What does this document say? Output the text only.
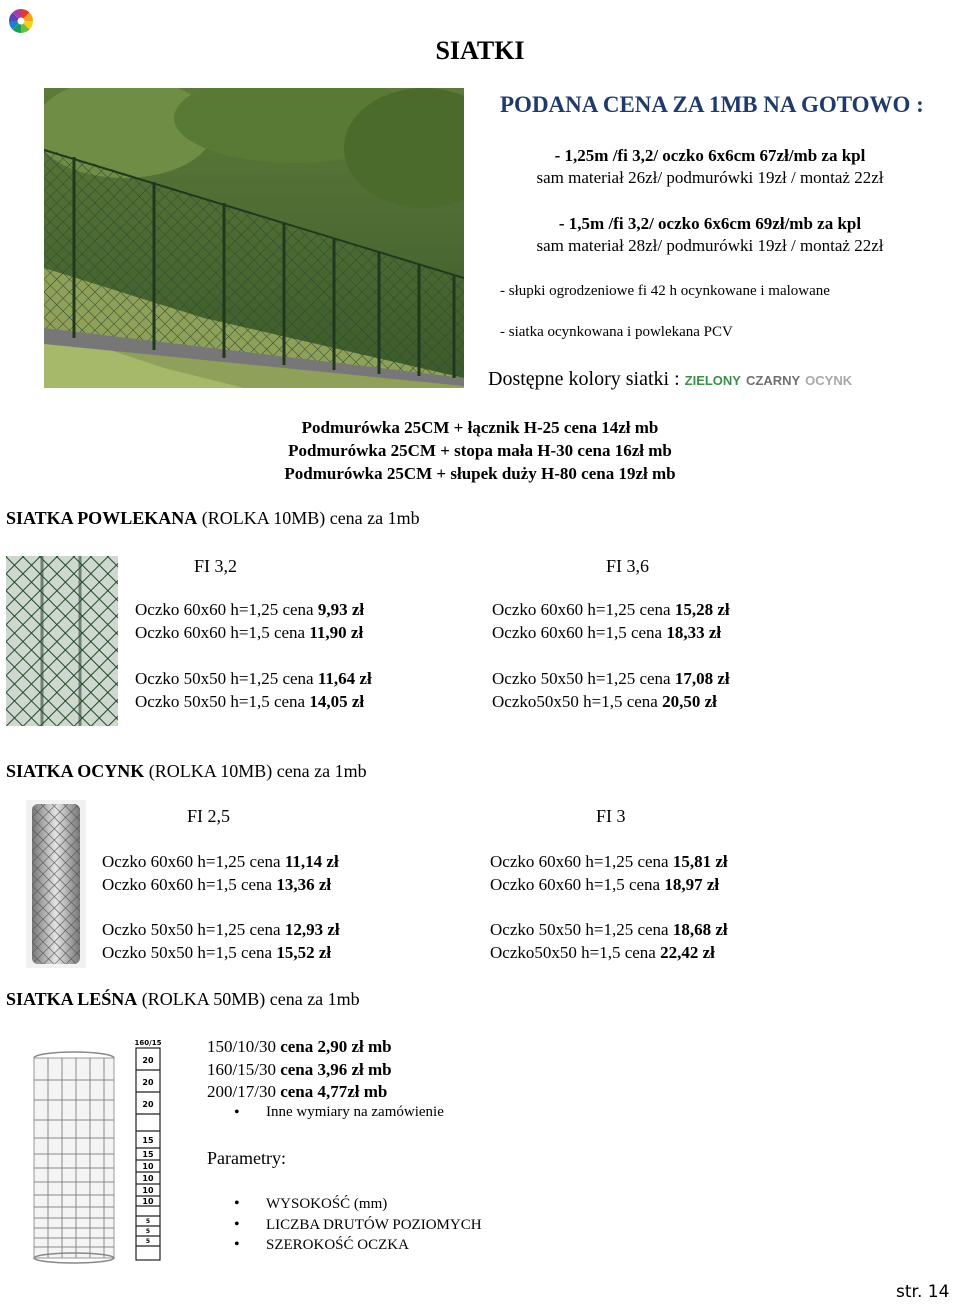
SIATKI
PODANA CENA ZA 1MB NA GOTOWO :
- 1,25m /fi 3,2/ oczko 6x6cm 67zł/mb za kpl
sam materiał 26zł/ podmurówki 19zł / montaż 22zł
- 1,5m /fi 3,2/ oczko 6x6cm 69zł/mb za kpl
sam materiał 28zł/ podmurówki 19zł / montaż 22zł
- słupki ogrodzeniowe fi 42 h ocynkowane i malowane
- siatka ocynkowana i powlekana PCV
Dostępne kolory siatki : ZIELONY CZARNY OCYNK
Podmurówka 25CM + łącznik H-25 cena 14zł mb
Podmurówka 25CM + stopa mała H-30 cena 16zł mb
Podmurówka 25CM + słupek duży H-80 cena 19zł mb
SIATKA POWLEKANA (ROLKA 10MB) cena za 1mb
FI 3,2	FI 3,6
Oczko 60x60 h=1,25 cena 9,93 zł
Oczko 60x60 h=1,5 cena 11,90 zł
Oczko 50x50 h=1,25 cena 11,64 zł
Oczko 50x50 h=1,5 cena 14,05 zł
Oczko 60x60 h=1,25 cena 15,28 zł
Oczko 60x60 h=1,5 cena 18,33 zł
Oczko 50x50 h=1,25 cena 17,08 zł
Oczko50x50 h=1,5 cena 20,50 zł
SIATKA OCYNK (ROLKA 10MB) cena za 1mb
FI 2,5	FI 3
Oczko 60x60 h=1,25 cena 11,14 zł
Oczko 60x60 h=1,5 cena 13,36 zł
Oczko 50x50 h=1,25 cena 12,93 zł
Oczko 50x50 h=1,5 cena 15,52 zł
Oczko 60x60 h=1,25 cena 15,81 zł
Oczko 60x60 h=1,5 cena 18,97 zł
Oczko 50x50 h=1,25 cena 18,68 zł
Oczko50x50 h=1,5 cena 22,42 zł
SIATKA LEŚNA (ROLKA 50MB) cena za 1mb
160/15
20
20
20
15
15
10
10
10
10
5
5
5
150/10/30 cena 2,90 zł mb
160/15/30 cena 3,96 zł mb
200/17/30 cena 4,77zł mb
• Inne wymiary na zamówienie
Parametry:
• WYSOKOŚĆ (mm)
• LICZBA DRUTÓW POZIOMYCH
• SZEROKOŚĆ OCZKA
str. 14
